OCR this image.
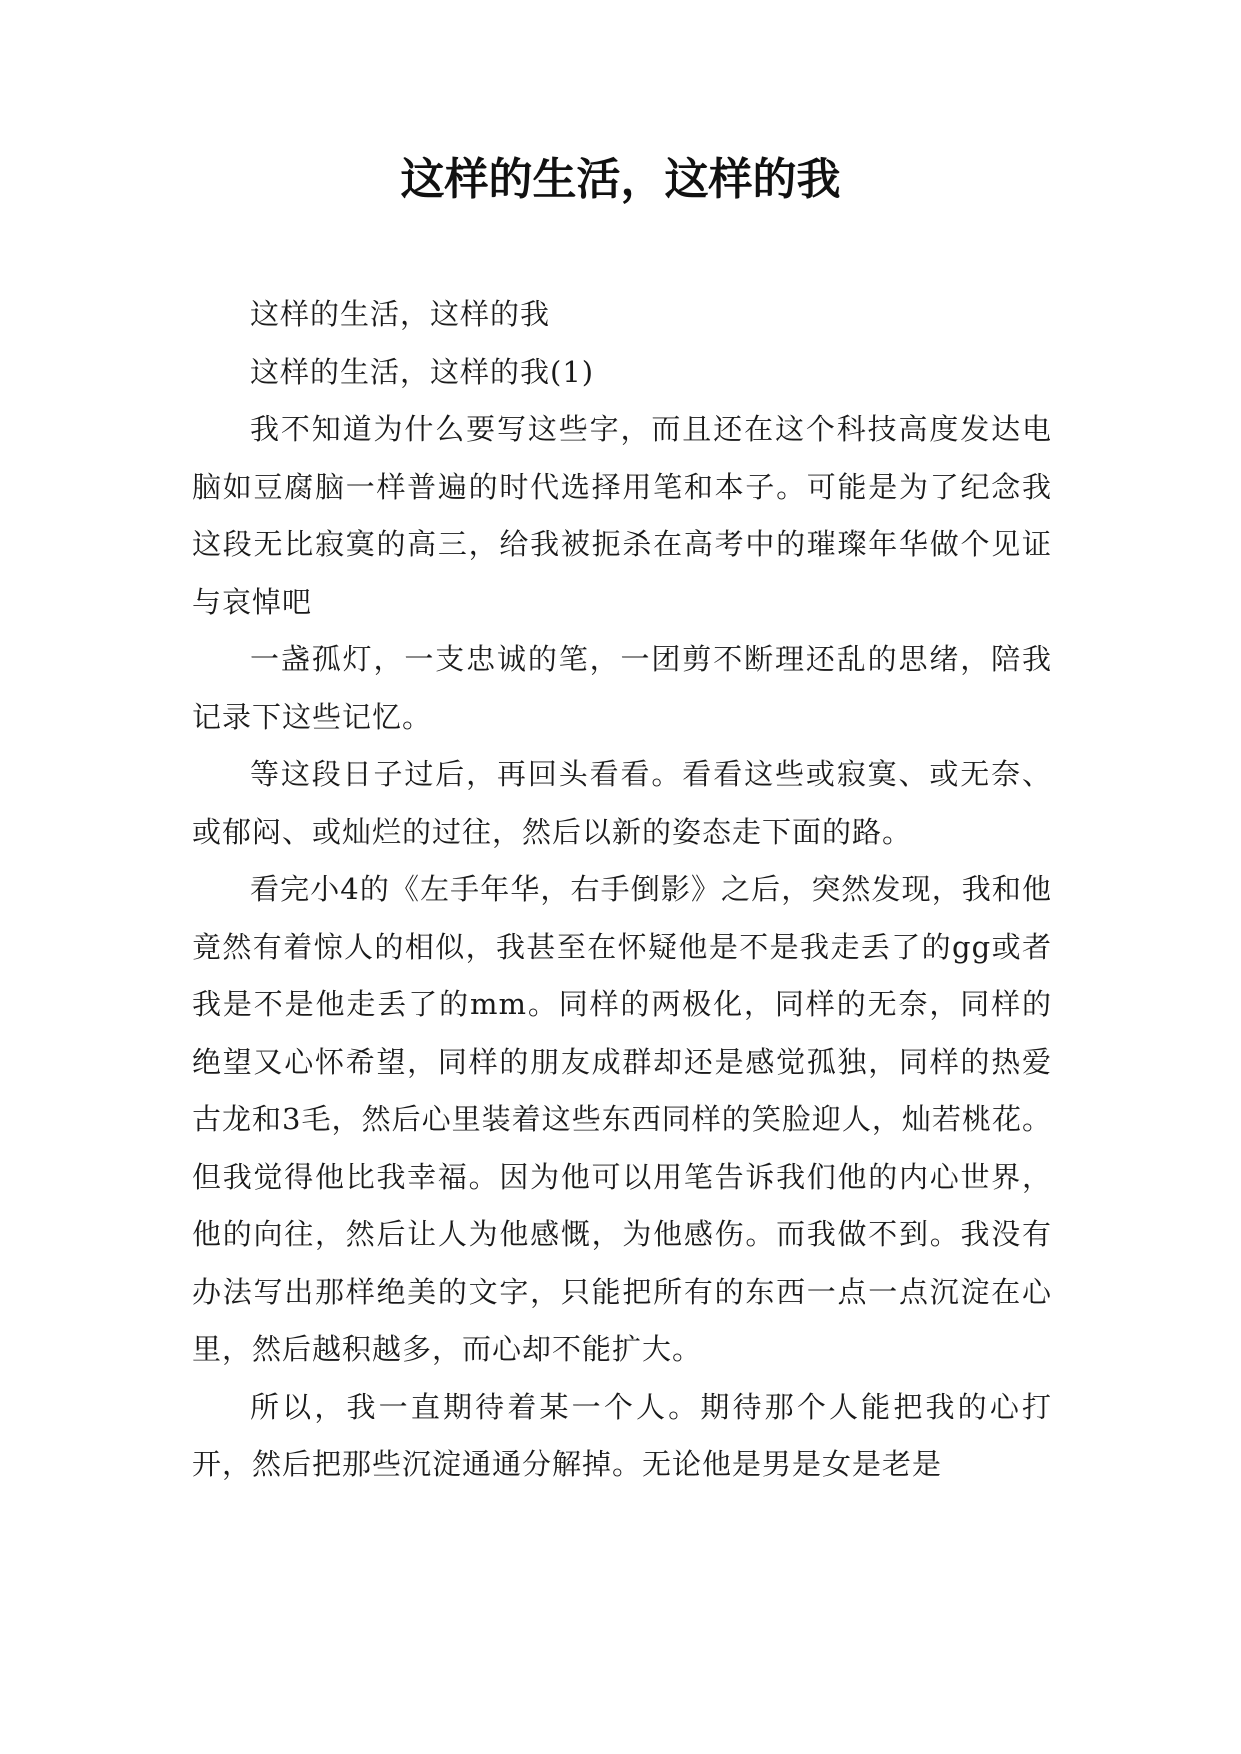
这样的生活，这样的我

这样的生活，这样的我

这样的生活，这样的我(1)

我不知道为什么要写这些字，而且还在这个科技高度发达电脑如豆腐脑一样普遍的时代选择用笔和本子。可能是为了纪念我这段无比寂寞的高三，给我被扼杀在高考中的璀璨年华做个见证与哀悼吧

一盏孤灯，一支忠诚的笔，一团剪不断理还乱的思绪，陪我记录下这些记忆。

等这段日子过后，再回头看看。看看这些或寂寞、或无奈、或郁闷、或灿烂的过往，然后以新的姿态走下面的路。

看完小4的《左手年华，右手倒影》之后，突然发现，我和他竟然有着惊人的相似，我甚至在怀疑他是不是我走丢了的gg或者我是不是他走丢了的mm。同样的两极化，同样的无奈，同样的绝望又心怀希望，同样的朋友成群却还是感觉孤独，同样的热爱古龙和3毛，然后心里装着这些东西同样的笑脸迎人，灿若桃花。但我觉得他比我幸福。因为他可以用笔告诉我们他的内心世界，他的向往，然后让人为他感慨，为他感伤。而我做不到。我没有办法写出那样绝美的文字，只能把所有的东西一点一点沉淀在心里，然后越积越多，而心却不能扩大。

所以，我一直期待着某一个人。期待那个人能把我的心打开，然后把那些沉淀通通分解掉。无论他是男是女是老是
